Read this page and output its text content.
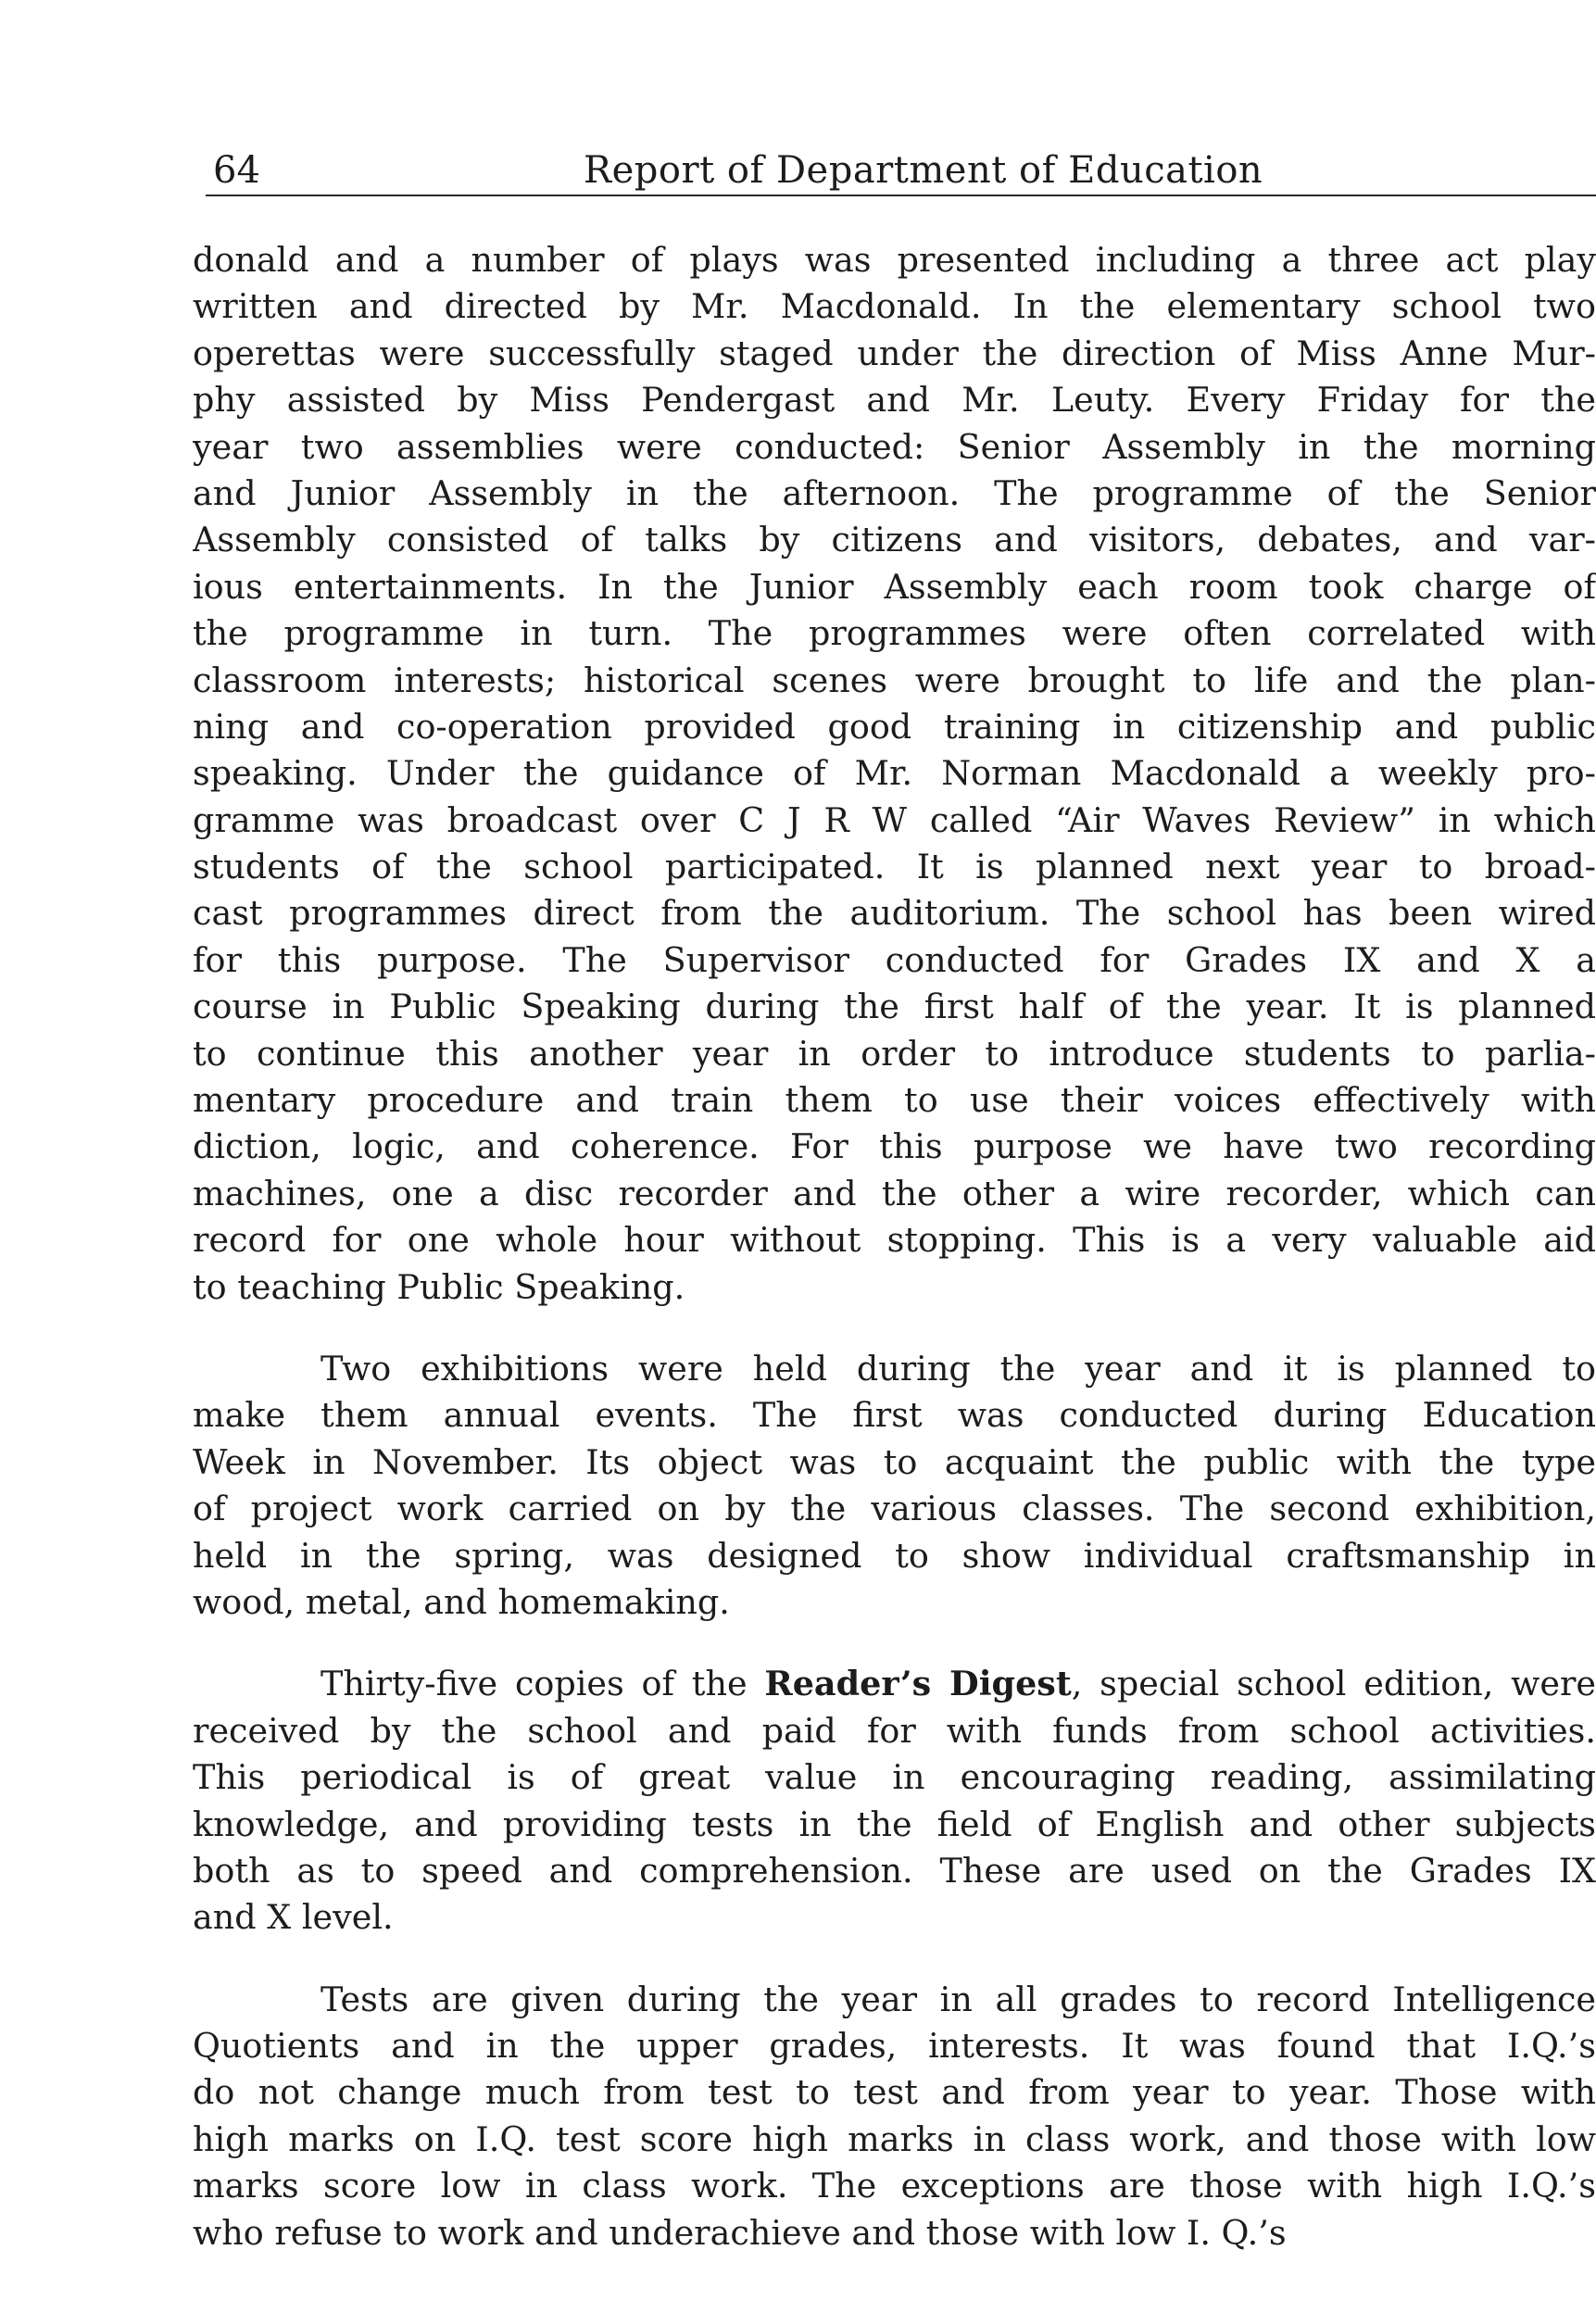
64	Report of Department of Education
donald and a number of plays was presented including a three act play
written and directed by Mr. Macdonald. In the elementary school two
operettas were successfully staged under the direction of Miss Anne Mur-
phy assisted by Miss Pendergast and Mr. Leuty. Every Friday for the
year two assemblies were conducted: Senior Assembly in the morning
and Junior Assembly in the afternoon. The programme of the Senior
Assembly consisted of talks by citizens and visitors, debates, and var-
ious entertainments. In the Junior Assembly each room took charge of
the programme in turn. The programmes were often correlated with
classroom interests; historical scenes were brought to life and the plan-
ning and co-operation provided good training in citizenship and public
speaking. Under the guidance of Mr. Norman Macdonald a weekly pro-
gramme was broadcast over C J R W called “Air Waves Review” in which
students of the school participated. It is planned next year to broad-
cast programmes direct from the auditorium. The school has been wired
for this purpose. The Supervisor conducted for Grades IX and X a
course in Public Speaking during the first half of the year. It is planned
to continue this another year in order to introduce students to parlia-
mentary procedure and train them to use their voices effectively with
diction, logic, and coherence. For this purpose we have two recording
machines, one a disc recorder and the other a wire recorder, which can
record for one whole hour without stopping. This is a very valuable aid
to teaching Public Speaking.
Two exhibitions were held during the year and it is planned to
make them annual events. The first was conducted during Education
Week in November. Its object was to acquaint the public with the type
of project work carried on by the various classes. The second exhibition,
held in the spring, was designed to show individual craftsmanship in
wood, metal, and homemaking.
Thirty-five copies of the Reader’s Digest, special school edition, were
received by the school and paid for with funds from school activities.
This periodical is of great value in encouraging reading, assimilating
knowledge, and providing tests in the field of English and other subjects
both as to speed and comprehension. These are used on the Grades IX
and X level.
Tests are given during the year in all grades to record Intelligence
Quotients and in the upper grades, interests. It was found that I.Q.’s
do not change much from test to test and from year to year. Those with
high marks on I.Q. test score high marks in class work, and those with low
marks score low in class work. The exceptions are those with high I.Q.’s
who refuse to work and underachieve and those with low I. Q.’s
